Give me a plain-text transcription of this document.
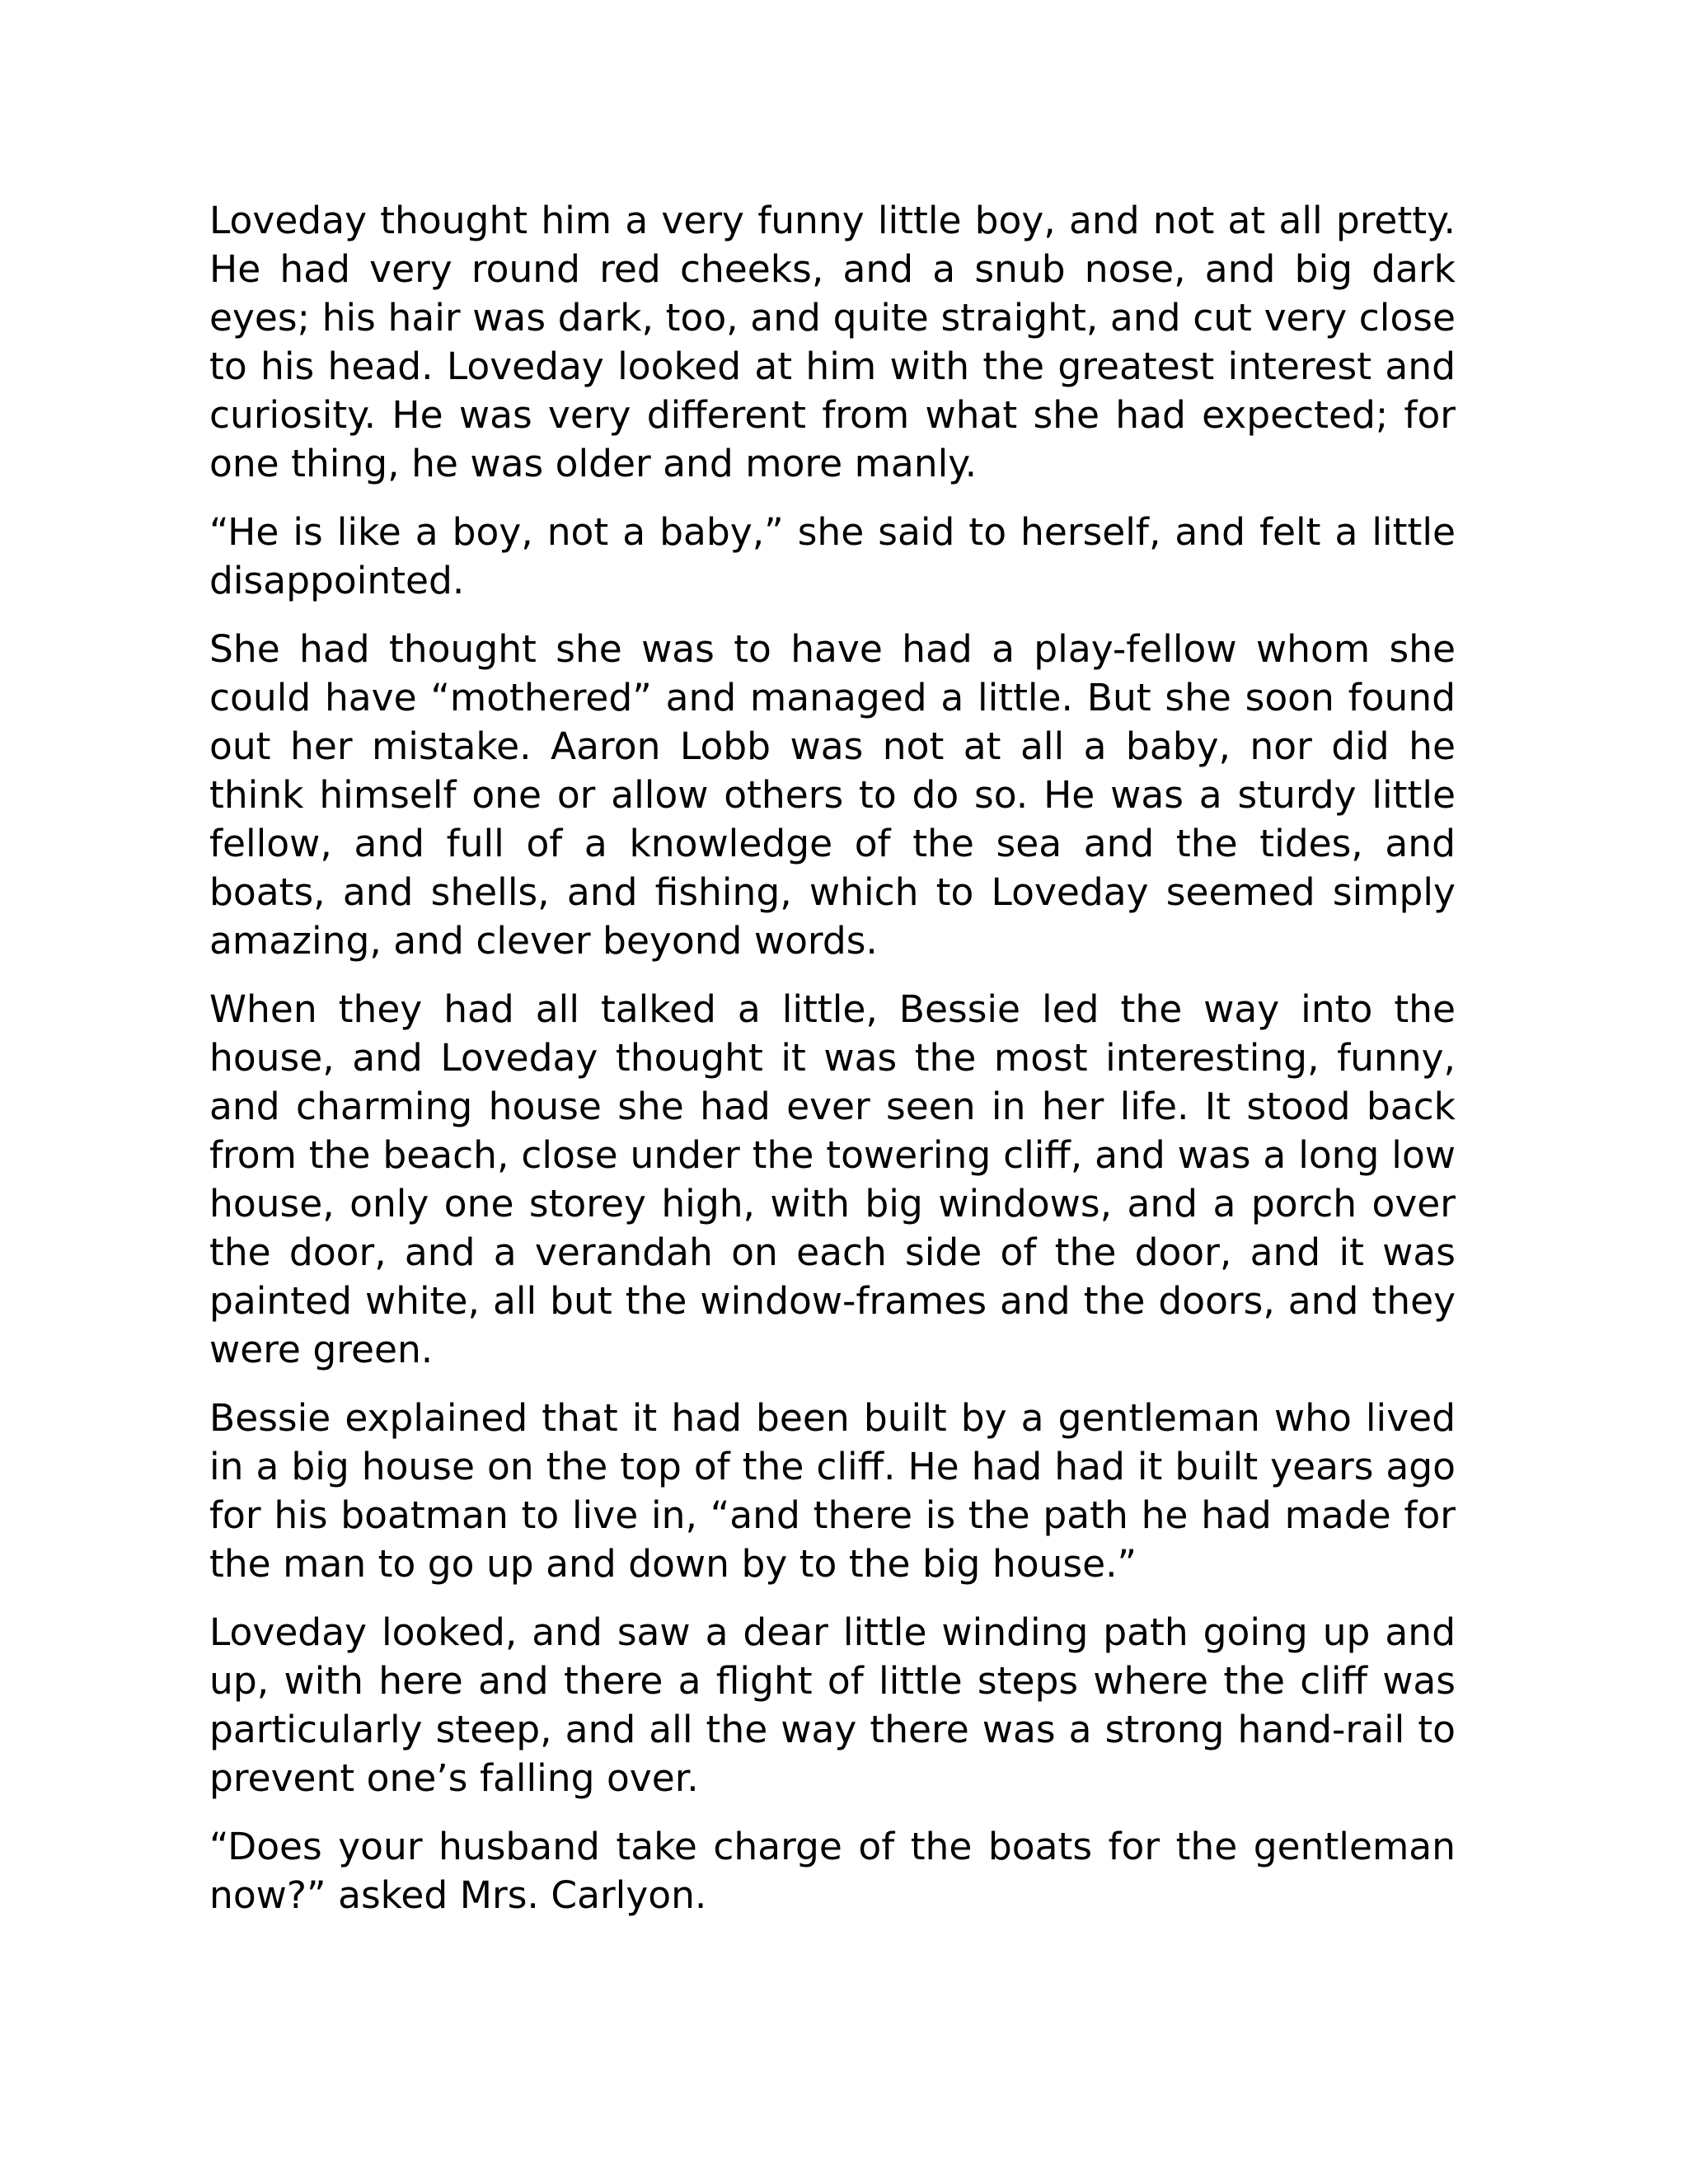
Loveday thought him a very funny little boy, and not at all pretty. He had very round red cheeks, and a snub nose, and big dark eyes; his hair was dark, too, and quite straight, and cut very close to his head. Loveday looked at him with the greatest interest and curiosity. He was very different from what she had expected; for one thing, he was older and more manly.

“He is like a boy, not a baby,” she said to herself, and felt a little disappointed.

She had thought she was to have had a play-fellow whom she could have “mothered” and managed a little. But she soon found out her mistake. Aaron Lobb was not at all a baby, nor did he think himself one or allow others to do so. He was a sturdy little fellow, and full of a knowledge of the sea and the tides, and boats, and shells, and fishing, which to Loveday seemed simply amazing, and clever beyond words.

When they had all talked a little, Bessie led the way into the house, and Loveday thought it was the most interesting, funny, and charming house she had ever seen in her life. It stood back from the beach, close under the towering cliff, and was a long low house, only one storey high, with big windows, and a porch over the door, and a verandah on each side of the door, and it was painted white, all but the window-frames and the doors, and they were green.

Bessie explained that it had been built by a gentleman who lived in a big house on the top of the cliff. He had had it built years ago for his boatman to live in, “and there is the path he had made for the man to go up and down by to the big house.”

Loveday looked, and saw a dear little winding path going up and up, with here and there a flight of little steps where the cliff was particularly steep, and all the way there was a strong hand-rail to prevent one’s falling over.

“Does your husband take charge of the boats for the gentleman now?” asked Mrs. Carlyon.
